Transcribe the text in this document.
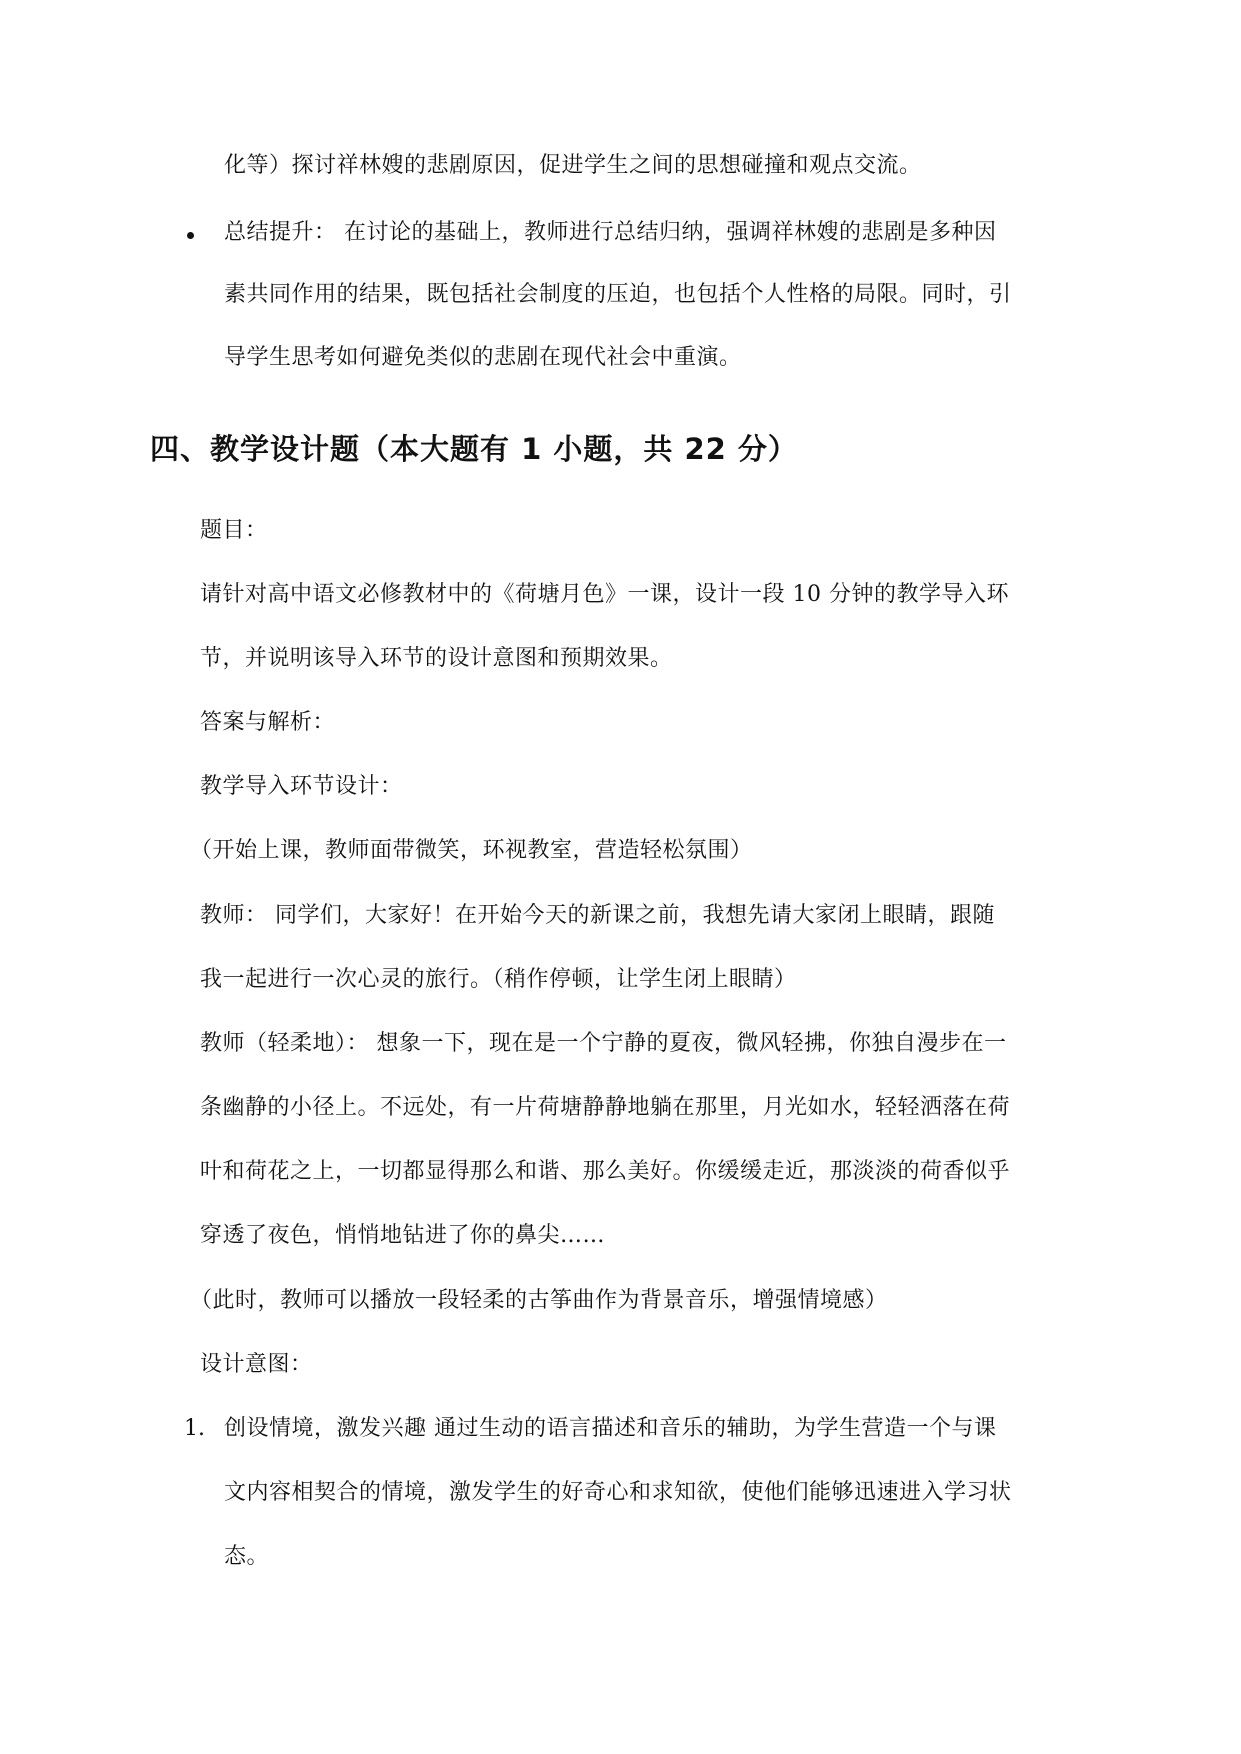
化等）探讨祥林嫂的悲剧原因，促进学生之间的思想碰撞和观点交流。
总结提升： 在讨论的基础上，教师进行总结归纳，强调祥林嫂的悲剧是多种因
素共同作用的结果，既包括社会制度的压迫，也包括个人性格的局限。同时，引
导学生思考如何避免类似的悲剧在现代社会中重演。
四、教学设计题（本大题有 1 小题，共 22 分）
题目：
请针对高中语文必修教材中的《荷塘月色》一课，设计一段 10 分钟的教学导入环
节，并说明该导入环节的设计意图和预期效果。
答案与解析：
教学导入环节设计：
（开始上课，教师面带微笑，环视教室，营造轻松氛围）
教师： 同学们，大家好！在开始今天的新课之前，我想先请大家闭上眼睛，跟随
我一起进行一次心灵的旅行。（稍作停顿，让学生闭上眼睛）
教师（轻柔地）： 想象一下，现在是一个宁静的夏夜，微风轻拂，你独自漫步在一
条幽静的小径上。不远处，有一片荷塘静静地躺在那里，月光如水，轻轻洒落在荷
叶和荷花之上，一切都显得那么和谐、那么美好。你缓缓走近，那淡淡的荷香似乎
穿透了夜色，悄悄地钻进了你的鼻尖……
（此时，教师可以播放一段轻柔的古筝曲作为背景音乐，增强情境感）
设计意图：
1. 创设情境，激发兴趣 通过生动的语言描述和音乐的辅助，为学生营造一个与课
文内容相契合的情境，激发学生的好奇心和求知欲，使他们能够迅速进入学习状
态。
